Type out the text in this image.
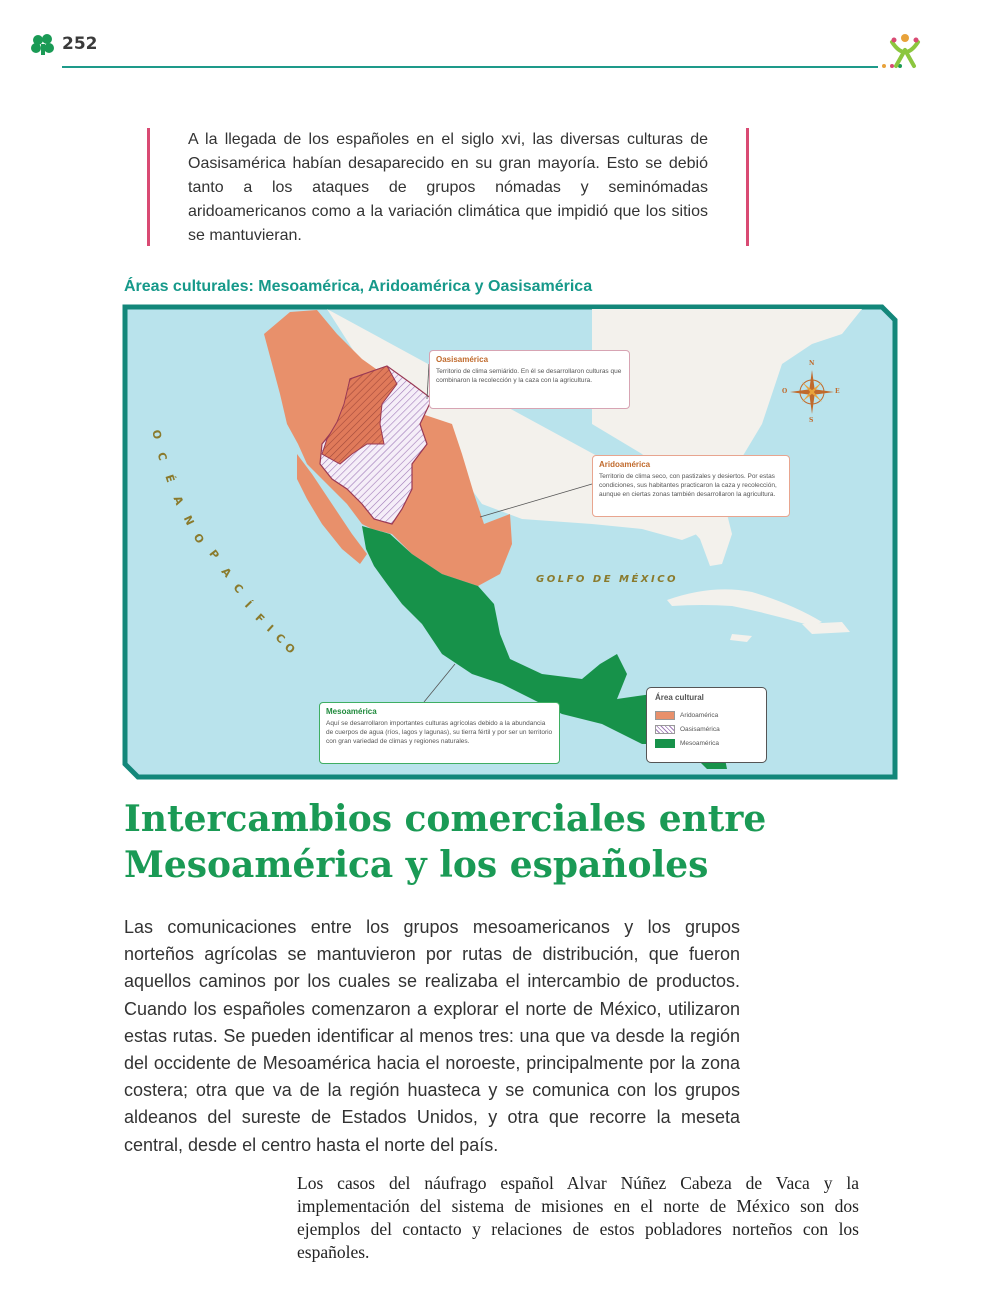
252
A la llegada de los españoles en el siglo xvi, las diversas culturas de Oasisamérica habían desaparecido en su gran mayoría. Esto se debió tanto a los ataques de grupos nómadas y seminómadas aridoamericanos como a la variación climática que impidió que los sitios se mantuvieran.
Áreas culturales: Mesoamérica, Aridoamérica y Oasisamérica
O
C
É
A
N
O
P
A
C
Í
F
I
C
O
GOLFO DE MÉXICO
N
S
E
O
Oasisamérica
Territorio de clima semiárido. En él se desarrollaron culturas que combinaron la recolección y la caza con la agricultura.
Aridoamérica
Territorio de clima seco, con pastizales y desiertos. Por estas condiciones, sus habitantes practicaron la caza y recolección, aunque en ciertas zonas también desarrollaron la agricultura.
Mesoamérica
Aquí se desarrollaron importantes culturas agrícolas debido a la abundancia de cuerpos de agua (ríos, lagos y lagunas), su tierra fértil y por ser un territorio con gran variedad de climas y regiones naturales.
Área cultural
Aridoamérica
Oasisamérica
Mesoamérica
Intercambios comerciales entre Mesoamérica y los españoles
Las comunicaciones entre los grupos mesoamericanos y los grupos norteños agrícolas se mantuvieron por rutas de distribución, que fueron aquellos caminos por los cuales se realizaba el intercambio de productos. Cuando los españoles comenzaron a explorar el norte de México, utilizaron estas rutas. Se pueden identificar al menos tres: una que va desde la región del occidente de Mesoamérica hacia el noroeste, principalmente por la zona costera; otra que va de la región huasteca y se comunica con los grupos aldeanos del sureste de Estados Unidos, y otra que recorre la meseta central, desde el centro hasta el norte del país.
Los casos del náufrago español Alvar Núñez Cabeza de Vaca y la implementación del sistema de misiones en el norte de México son dos ejemplos del contacto y relaciones de estos pobladores norteños con los españoles.
